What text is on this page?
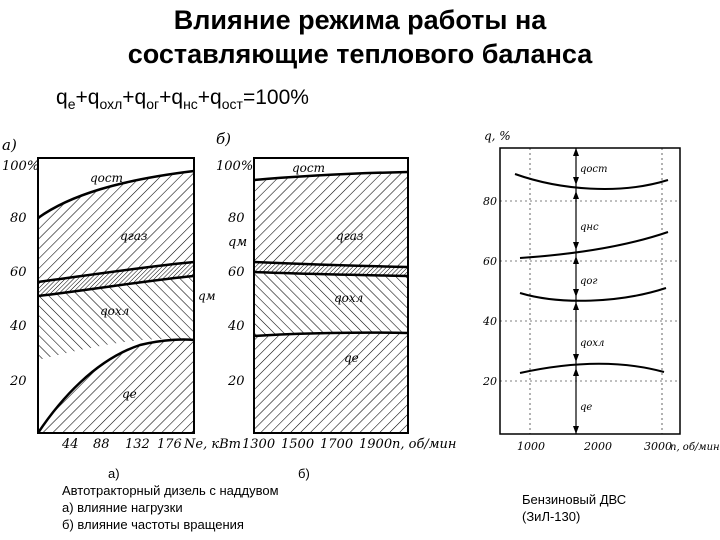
Влияние режима работы на
составляющие теплового баланса
$q_е+q_{охл}+q_{ог}+q_{нс}+q_{ост}=100\%$
а)
100%
80
60
40
20
44 88 132 176 Nе, кВт
qост
qгаз
qм
qохл
qе
б)
100%
80
60
40
20
qм
1300 1500 1700 1900 n, об/мин
qост
qгаз
qохл
qе
q, %
80
60
40
20
1000	2000	3000
n, об/мин
qост
qнс
qог
qохл
qе
а)	б)
Автотракторный дизель с наддувом
а) влияние нагрузки
б) влияние частоты вращения
Бензиновый ДВС
(ЗиЛ-130)
